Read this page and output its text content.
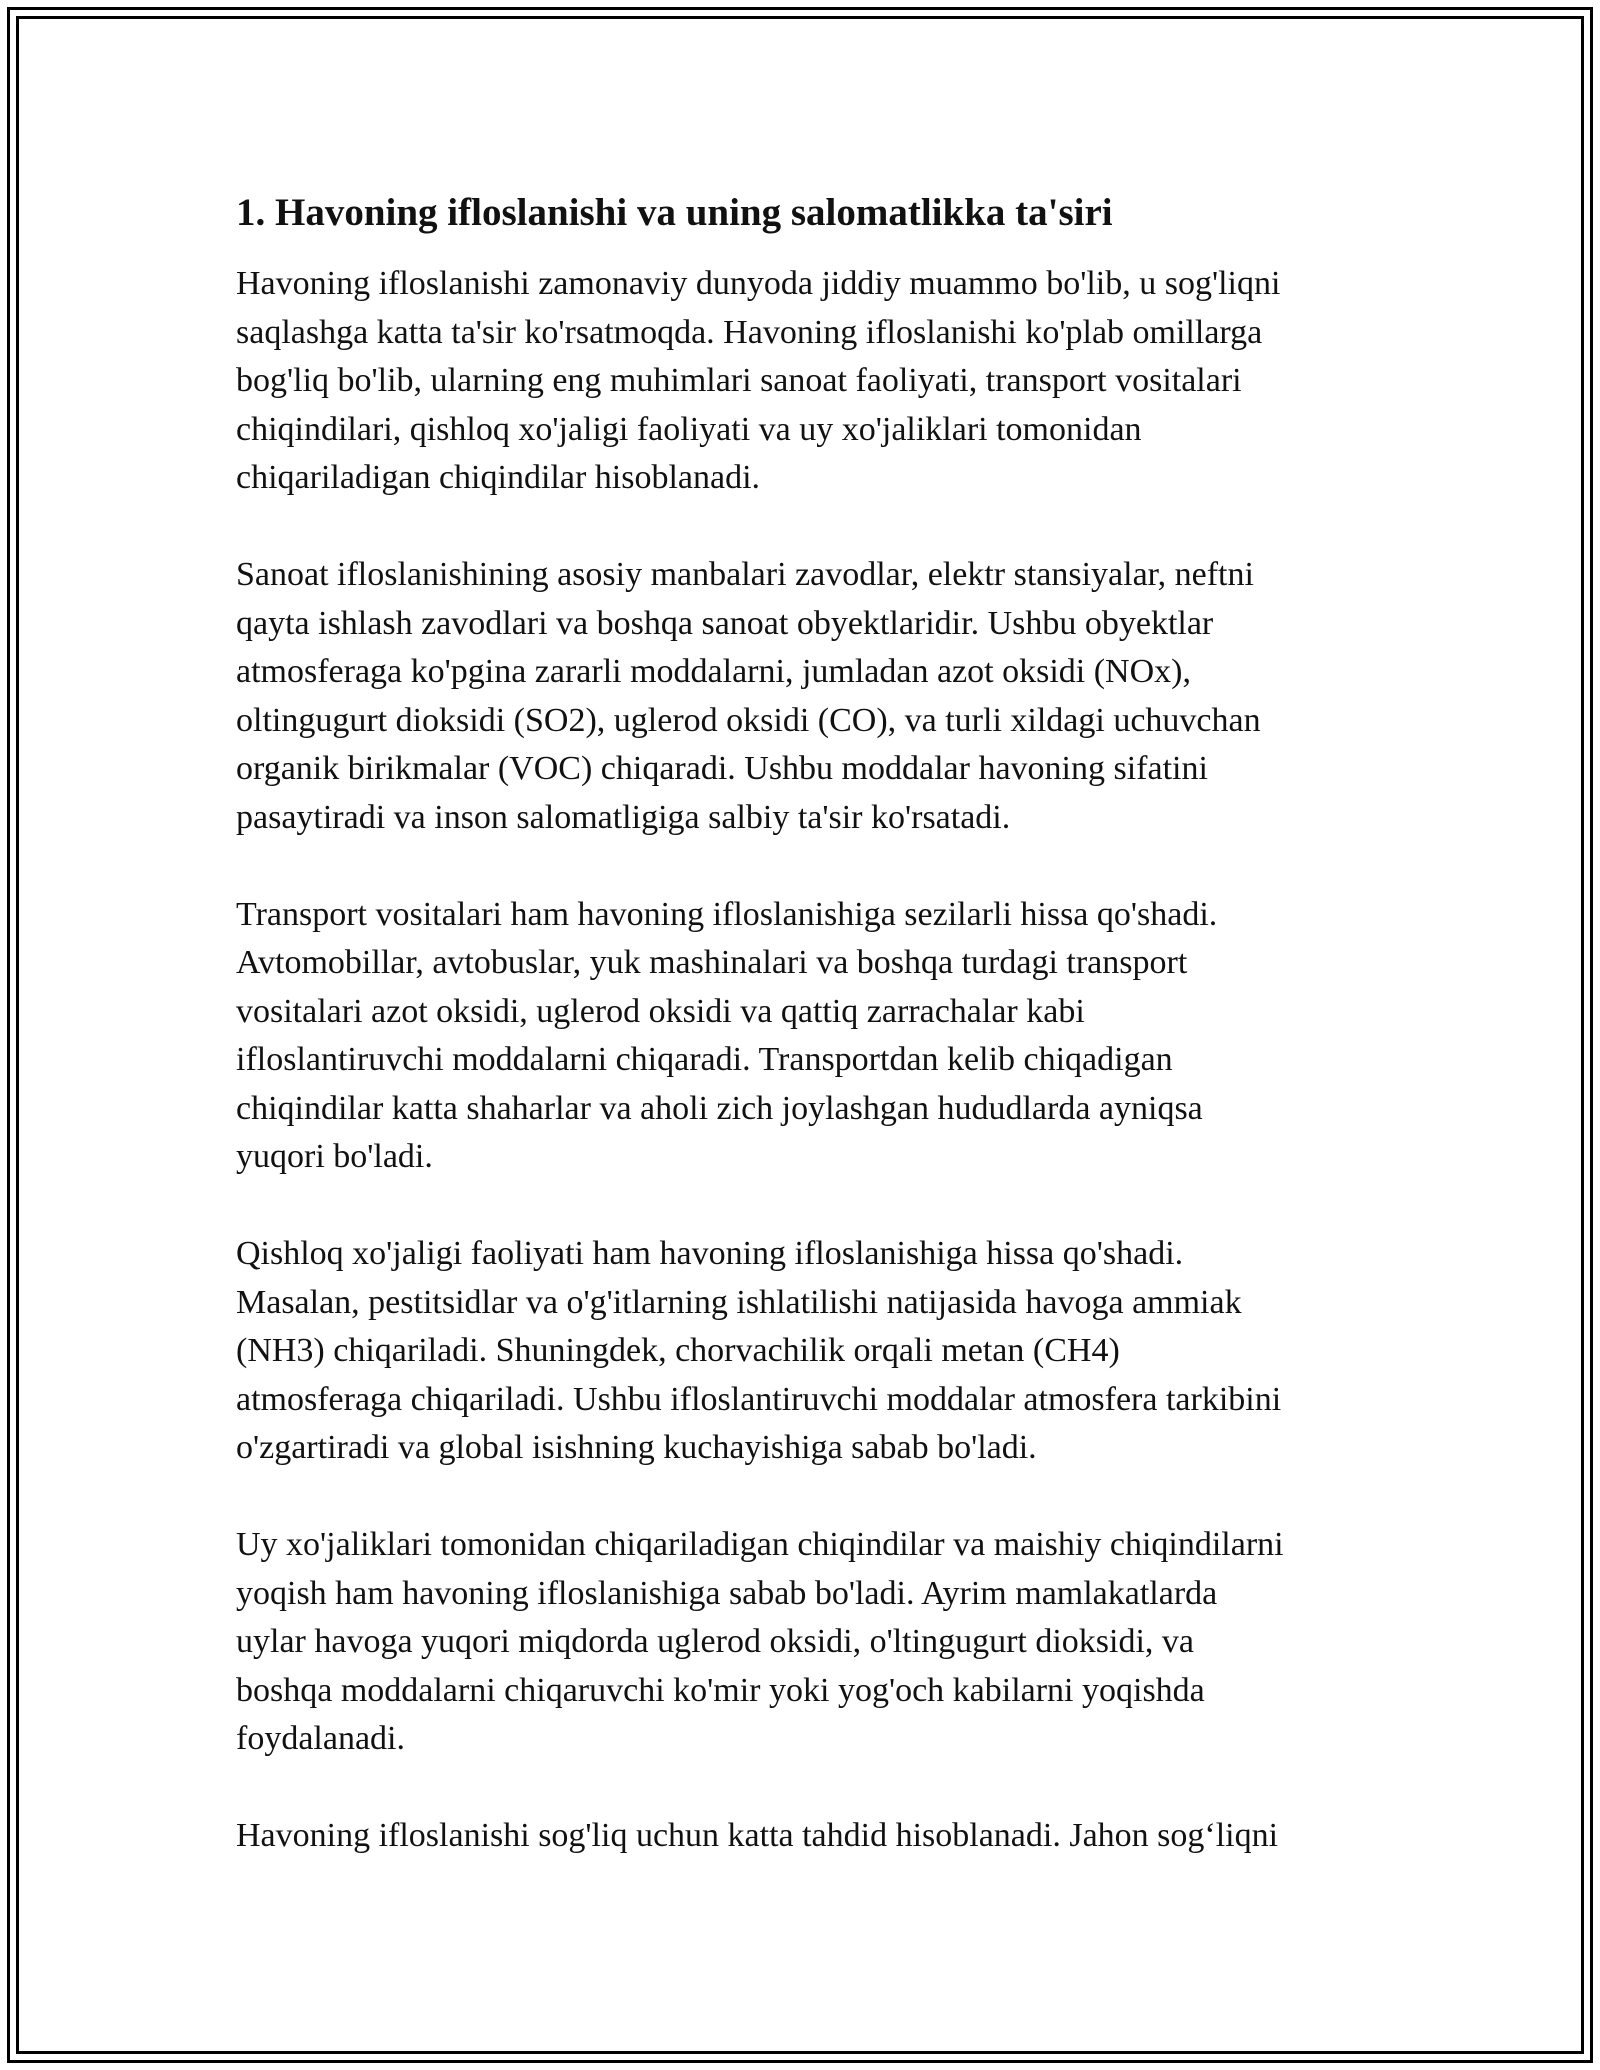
1. Havoning ifloslanishi va uning salomatlikka ta'siri
Havoning ifloslanishi zamonaviy dunyoda jiddiy muammo bo'lib, u sog'liqni
saqlashga katta ta'sir ko'rsatmoqda. Havoning ifloslanishi ko'plab omillarga
bog'liq bo'lib, ularning eng muhimlari sanoat faoliyati, transport vositalari
chiqindilari, qishloq xo'jaligi faoliyati va uy xo'jaliklari tomonidan
chiqariladigan chiqindilar hisoblanadi.
Sanoat ifloslanishining asosiy manbalari zavodlar, elektr stansiyalar, neftni
qayta ishlash zavodlari va boshqa sanoat obyektlaridir. Ushbu obyektlar
atmosferaga ko'pgina zararli moddalarni, jumladan azot oksidi (NOx),
oltingugurt dioksidi (SO2), uglerod oksidi (CO), va turli xildagi uchuvchan
organik birikmalar (VOC) chiqaradi. Ushbu moddalar havoning sifatini
pasaytiradi va inson salomatligiga salbiy ta'sir ko'rsatadi.
Transport vositalari ham havoning ifloslanishiga sezilarli hissa qo'shadi.
Avtomobillar, avtobuslar, yuk mashinalari va boshqa turdagi transport
vositalari azot oksidi, uglerod oksidi va qattiq zarrachalar kabi
ifloslantiruvchi moddalarni chiqaradi. Transportdan kelib chiqadigan
chiqindilar katta shaharlar va aholi zich joylashgan hududlarda ayniqsa
yuqori bo'ladi.
Qishloq xo'jaligi faoliyati ham havoning ifloslanishiga hissa qo'shadi.
Masalan, pestitsidlar va o'g'itlarning ishlatilishi natijasida havoga ammiak
(NH3) chiqariladi. Shuningdek, chorvachilik orqali metan (CH4)
atmosferaga chiqariladi. Ushbu ifloslantiruvchi moddalar atmosfera tarkibini
o'zgartiradi va global isishning kuchayishiga sabab bo'ladi.
Uy xo'jaliklari tomonidan chiqariladigan chiqindilar va maishiy chiqindilarni
yoqish ham havoning ifloslanishiga sabab bo'ladi. Ayrim mamlakatlarda
uylar havoga yuqori miqdorda uglerod oksidi, o'ltingugurt dioksidi, va
boshqa moddalarni chiqaruvchi ko'mir yoki yog'och kabilarni yoqishda
foydalanadi.
Havoning ifloslanishi sog'liq uchun katta tahdid hisoblanadi. Jahon sog‘liqni
